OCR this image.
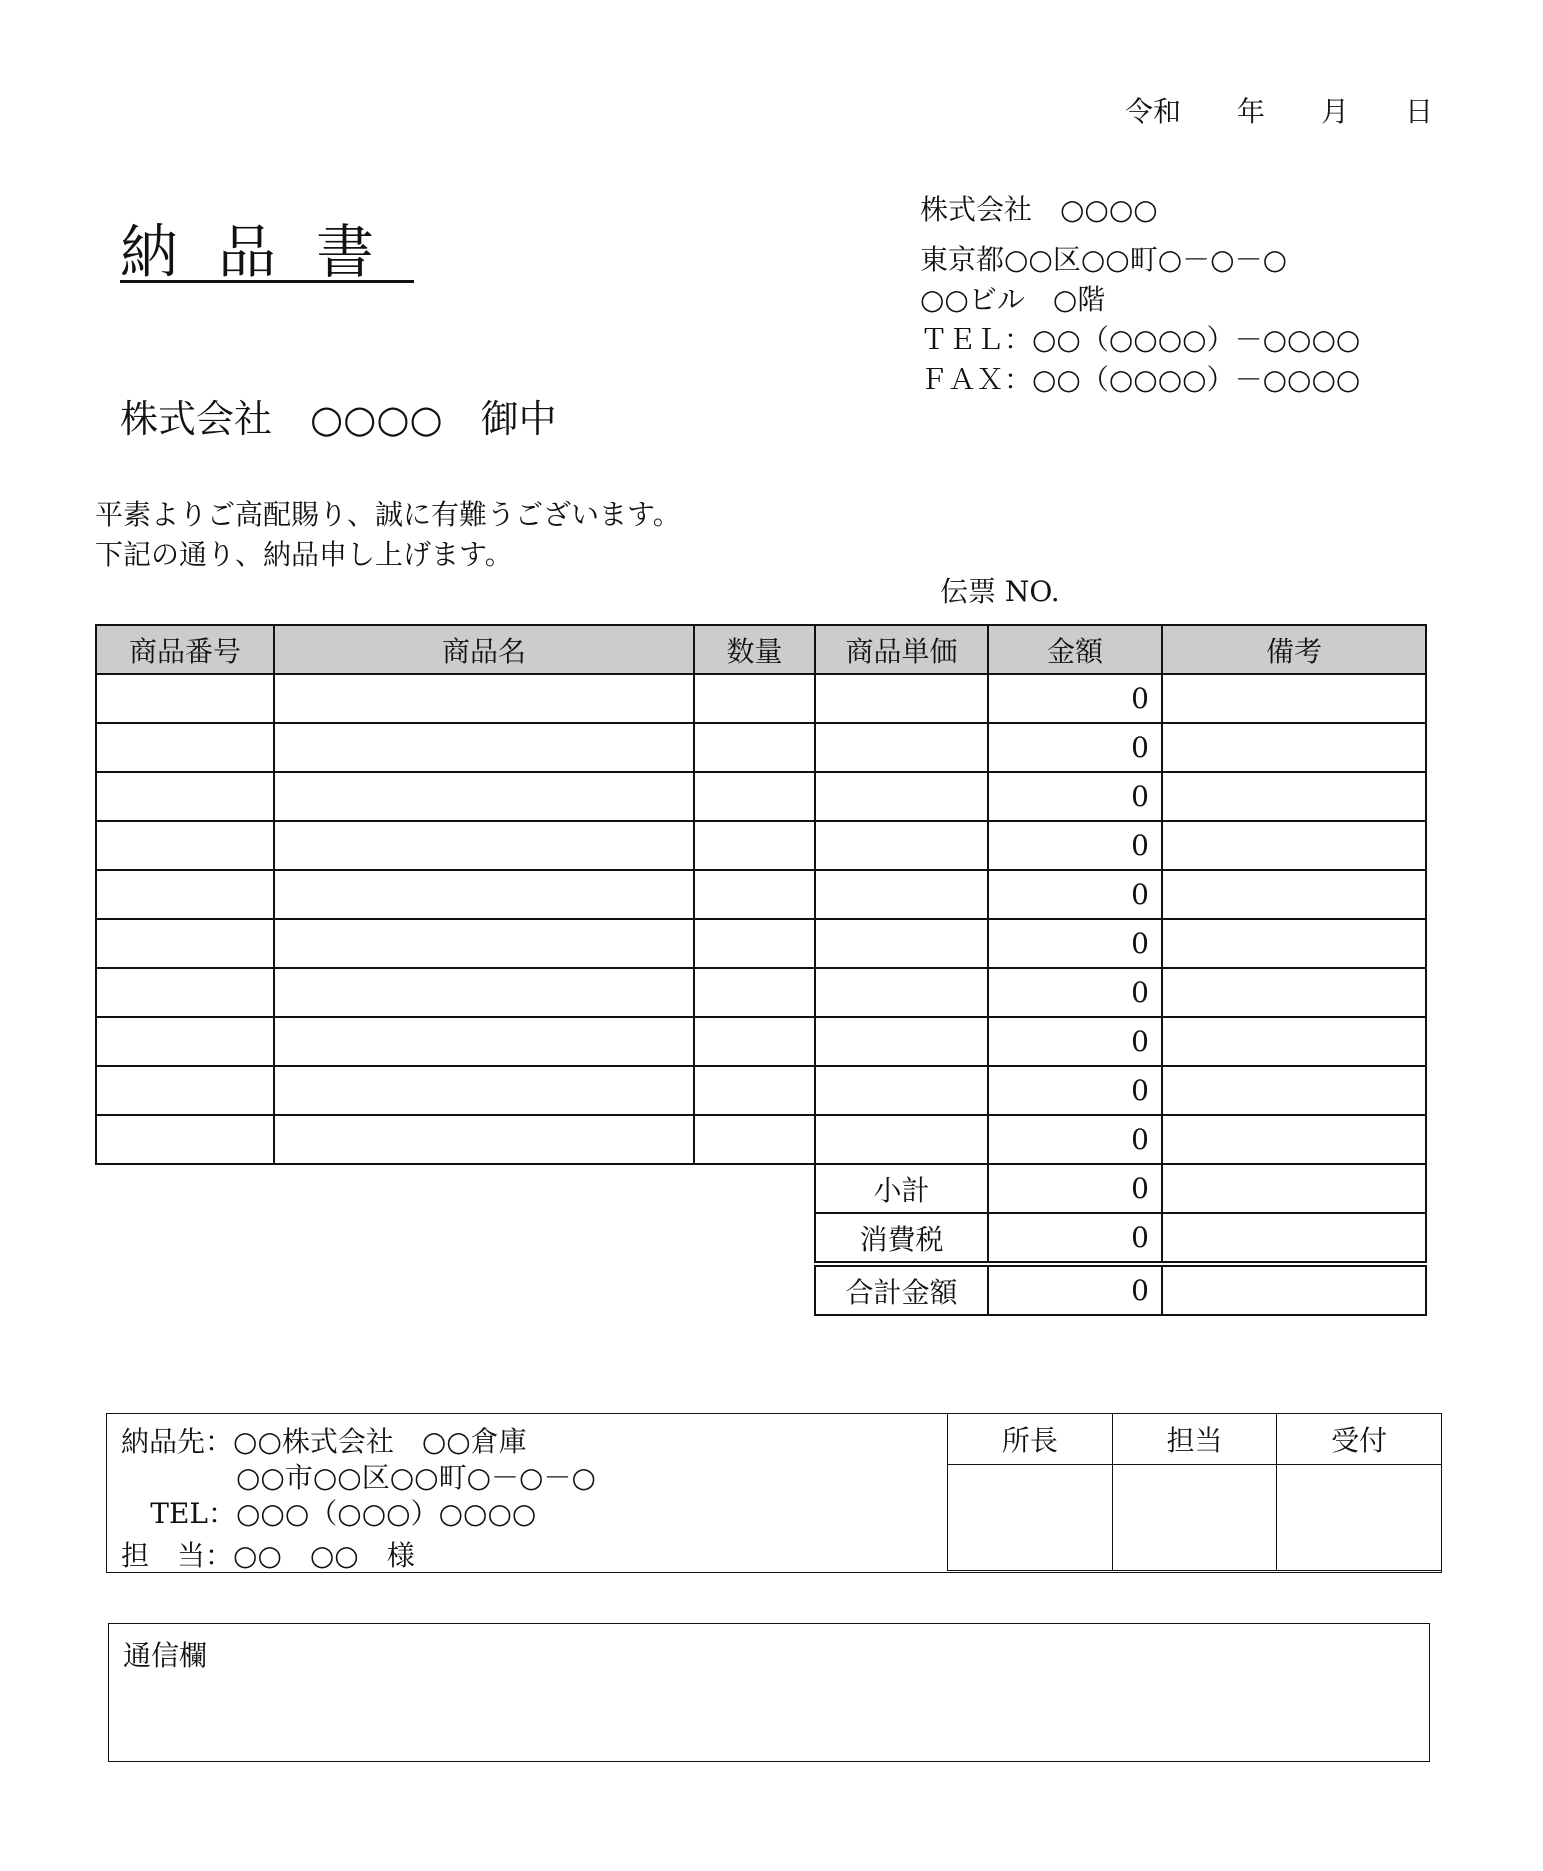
令和　　年　　月　　日
納品書
株式会社　○○○○
東京都○○区○○町○－○－○
○○ビル　○階
ＴＥＬ：○○（○○○○）－○○○○
ＦＡＸ：○○（○○○○）－○○○○
株式会社　○○○○　御中
平素よりご高配賜り、誠に有難うございます。
下記の通り、納品申し上げます。
伝票 NO.
商品番号	商品名	数量	商品単価	金額	備考
				0	
				0	
				0	
				0	
				0	
				0	
				0	
				0	
				0	
				0	
			小計	0	
			消費税	0	
			合計金額	0	
納品先：○○株式会社　○○倉庫
○○市○○区○○町○－○－○
TEL：○○○（○○○）○○○○
担　当：○○　○○　様
所長	担当	受付

通信欄
